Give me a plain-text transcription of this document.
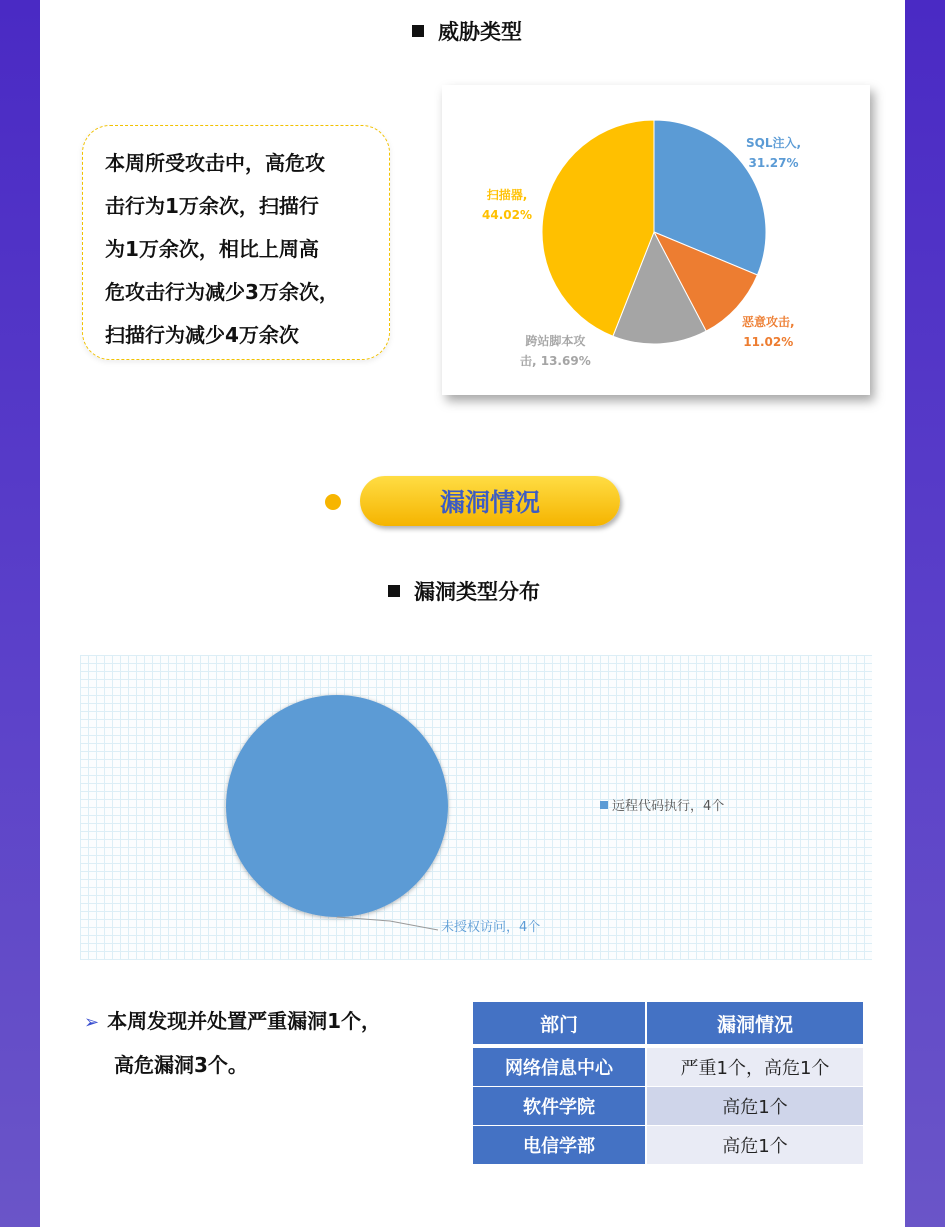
威胁类型

本周所受攻击中，高危攻

击行为1万余次，扫描行

为1万余次，相比上周高

危攻击行为减少3万余次，

扫描行为减少4万余次

SQL注入,
31.27%
恶意攻击,
11.02%
跨站脚本攻
击, 13.69%
扫描器,
44.02%
漏洞情况
漏洞类型分布
远程代码执行，4个
未授权访问，4个

➢ 本周发现并处置严重漏洞1个，

高危漏洞3个。

部门	漏洞情况
网络信息中心	严重1个，高危1个
软件学院	高危1个
电信学部	高危1个
